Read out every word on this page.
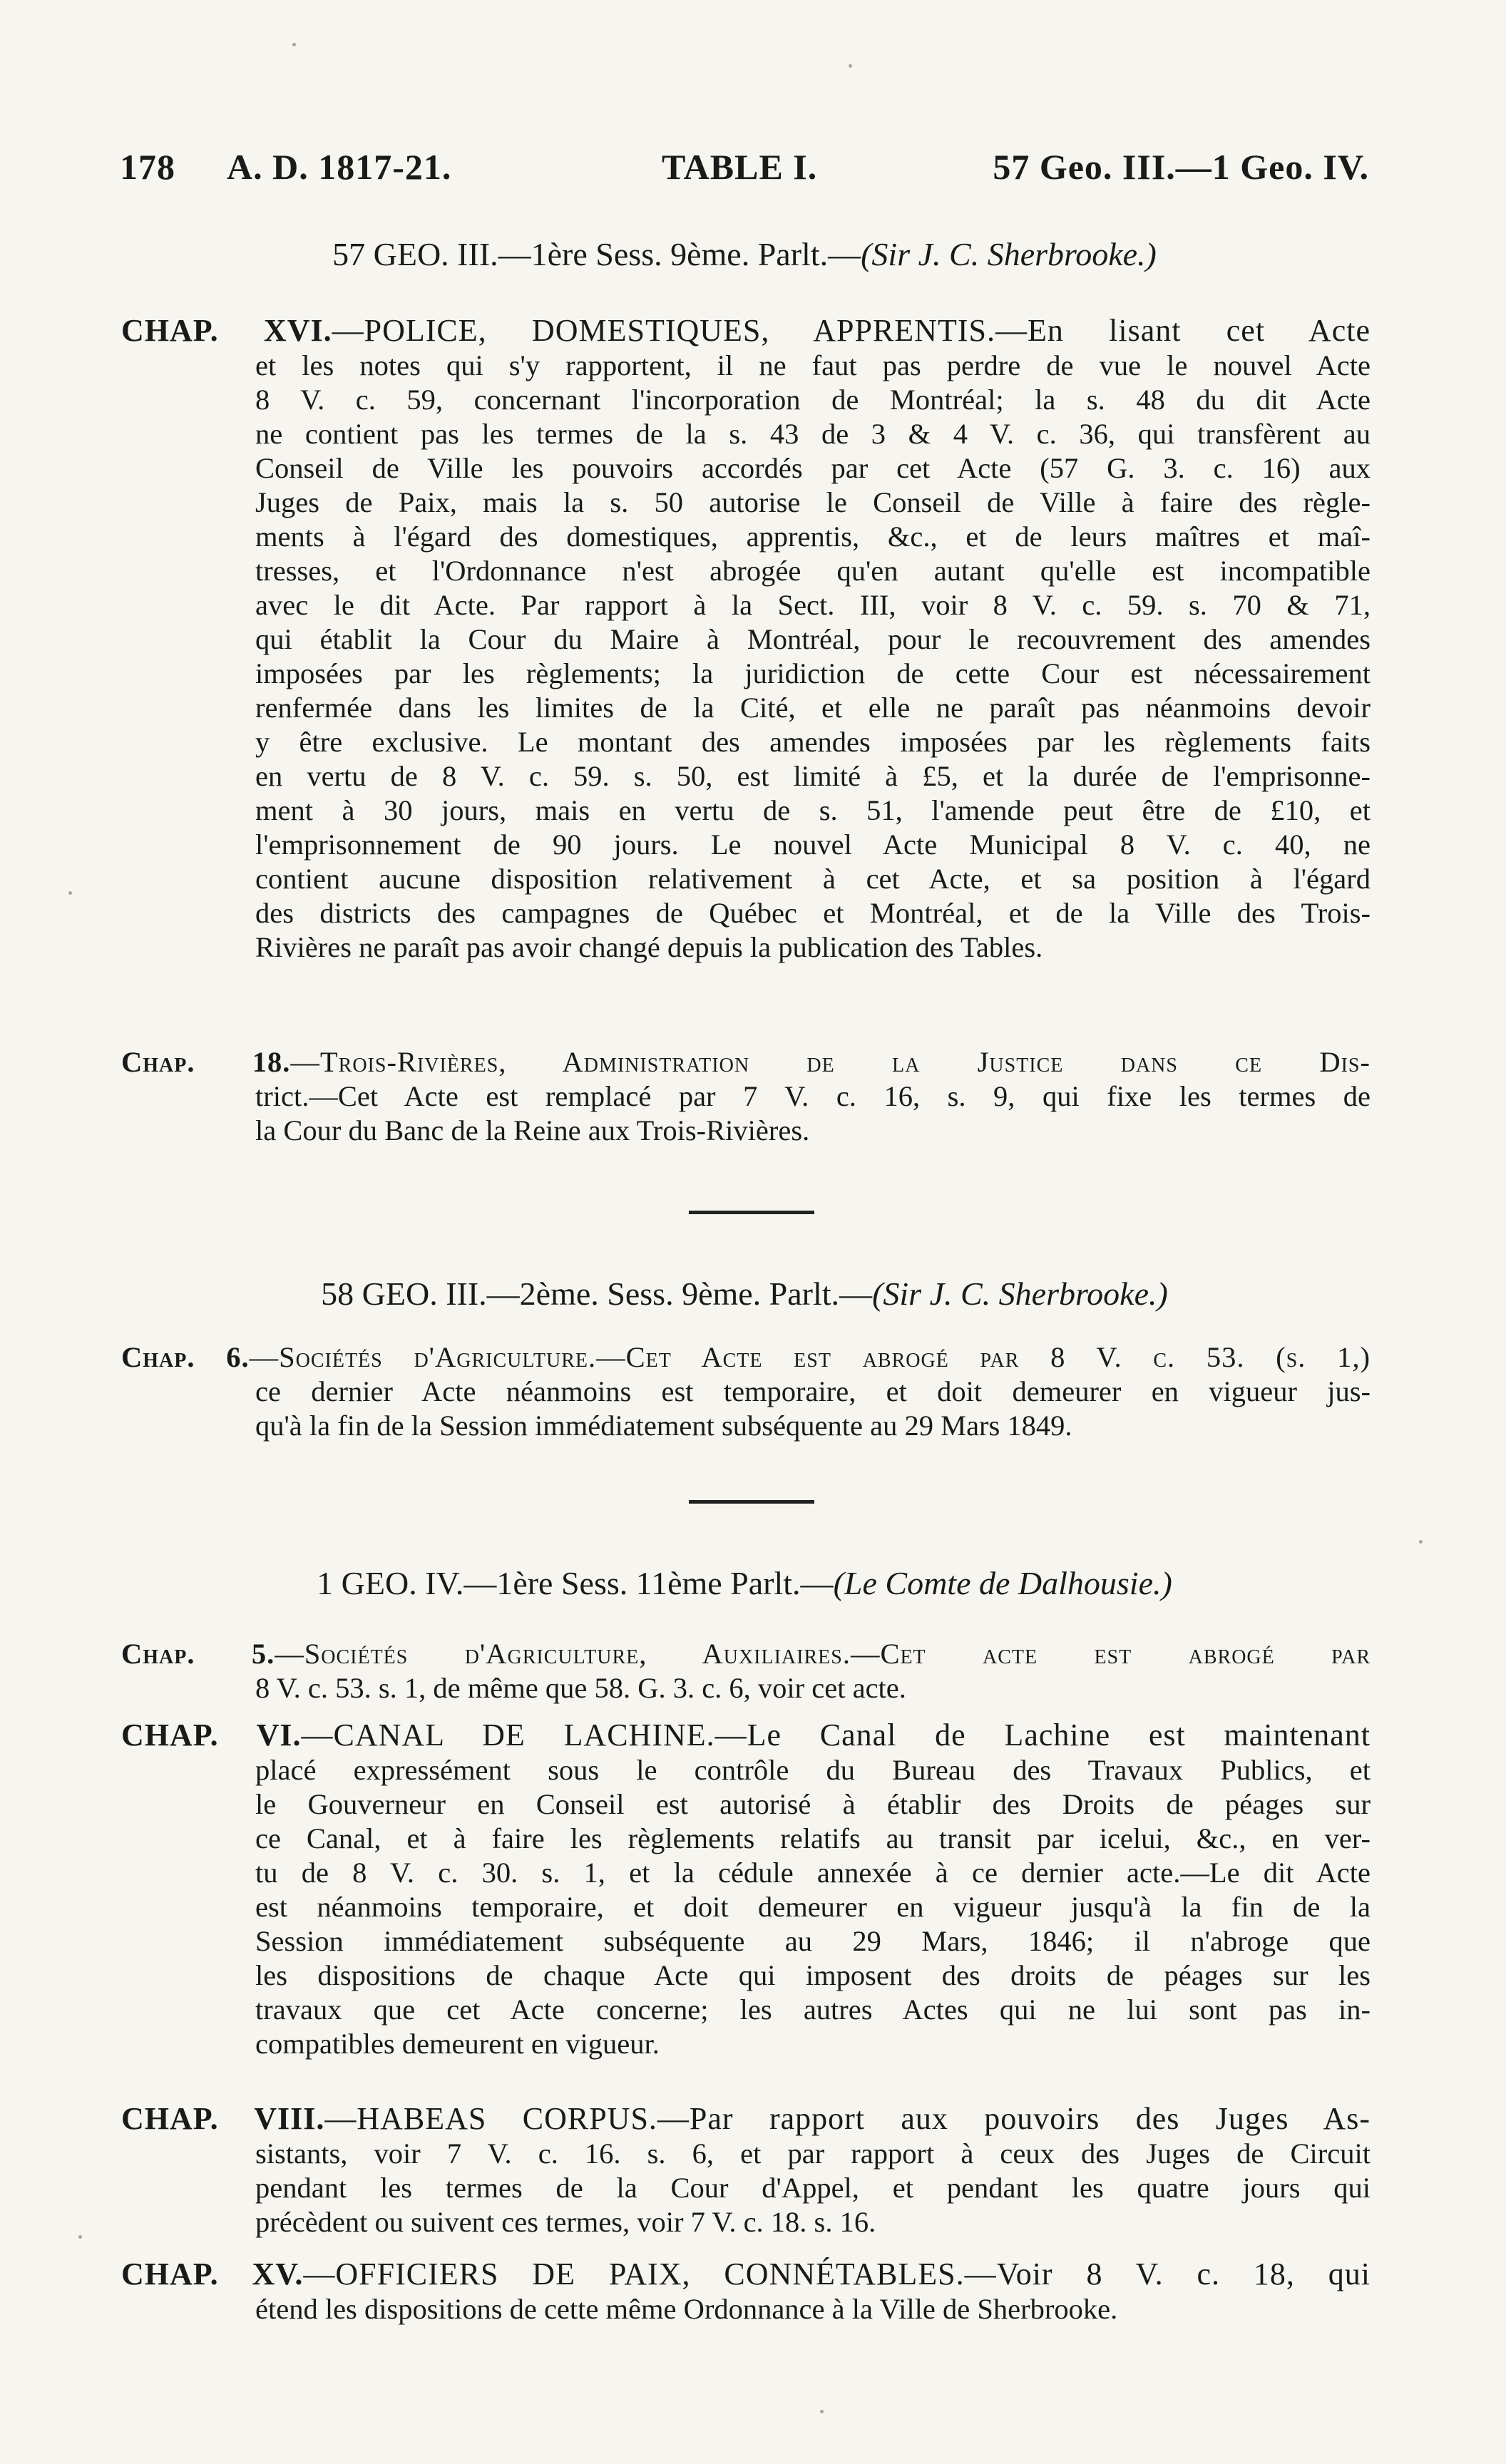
178 A. D. 1817-21.	TABLE I.	57 Geo. III.—1 Geo. IV.
57 GEO. III.—1ère Sess. 9ème. Parlt.—(Sir J. C. Sherbrooke.)
CHAP. XVI.—POLICE, DOMESTIQUES, APPRENTIS.—En lisant cet Acte
et les notes qui s'y rapportent, il ne faut pas perdre de vue le nouvel Acte
8 V. c. 59, concernant l'incorporation de Montréal; la s. 48 du dit Acte
ne contient pas les termes de la s. 43 de 3 & 4 V. c. 36, qui transfèrent au
Conseil de Ville les pouvoirs accordés par cet Acte (57 G. 3. c. 16) aux
Juges de Paix, mais la s. 50 autorise le Conseil de Ville à faire des règle-
ments à l'égard des domestiques, apprentis, &c., et de leurs maîtres et maî-
tresses, et l'Ordonnance n'est abrogée qu'en autant qu'elle est incompatible
avec le dit Acte. Par rapport à la Sect. III, voir 8 V. c. 59. s. 70 & 71,
qui établit la Cour du Maire à Montréal, pour le recouvrement des amendes
imposées par les règlements; la juridiction de cette Cour est nécessairement
renfermée dans les limites de la Cité, et elle ne paraît pas néanmoins devoir
y être exclusive. Le montant des amendes imposées par les règlements faits
en vertu de 8 V. c. 59. s. 50, est limité à £5, et la durée de l'emprisonne-
ment à 30 jours, mais en vertu de s. 51, l'amende peut être de £10, et
l'emprisonnement de 90 jours. Le nouvel Acte Municipal 8 V. c. 40, ne
contient aucune disposition relativement à cet Acte, et sa position à l'égard
des districts des campagnes de Québec et Montréal, et de la Ville des Trois-
Rivières ne paraît pas avoir changé depuis la publication des Tables.
Chap. 18.—Trois-Rivières, Administration de la Justice dans ce Dis-
trict.—Cet Acte est remplacé par 7 V. c. 16, s. 9, qui fixe les termes de
la Cour du Banc de la Reine aux Trois-Rivières.
58 GEO. III.—2ème. Sess. 9ème. Parlt.—(Sir J. C. Sherbrooke.)
Chap. 6.—Sociétés d'Agriculture.—Cet Acte est abrogé par 8 V. c. 53. (s. 1,)
ce dernier Acte néanmoins est temporaire, et doit demeurer en vigueur jus-
qu'à la fin de la Session immédiatement subséquente au 29 Mars 1849.
1 GEO. IV.—1ère Sess. 11ème Parlt.—(Le Comte de Dalhousie.)
Chap. 5.—Sociétés d'Agriculture, Auxiliaires.—Cet acte est abrogé par
8 V. c. 53. s. 1, de même que 58. G. 3. c. 6, voir cet acte.
CHAP. VI.—CANAL DE LACHINE.—Le Canal de Lachine est maintenant
placé expressément sous le contrôle du Bureau des Travaux Publics, et
le Gouverneur en Conseil est autorisé à établir des Droits de péages sur
ce Canal, et à faire les règlements relatifs au transit par icelui, &c., en ver-
tu de 8 V. c. 30. s. 1, et la cédule annexée à ce dernier acte.—Le dit Acte
est néanmoins temporaire, et doit demeurer en vigueur jusqu'à la fin de la
Session immédiatement subséquente au 29 Mars, 1846; il n'abroge que
les dispositions de chaque Acte qui imposent des droits de péages sur les
travaux que cet Acte concerne; les autres Actes qui ne lui sont pas in-
compatibles demeurent en vigueur.
CHAP. VIII.—HABEAS CORPUS.—Par rapport aux pouvoirs des Juges As-
sistants, voir 7 V. c. 16. s. 6, et par rapport à ceux des Juges de Circuit
pendant les termes de la Cour d'Appel, et pendant les quatre jours qui
précèdent ou suivent ces termes, voir 7 V. c. 18. s. 16.
CHAP. XV.—OFFICIERS DE PAIX, CONNÉTABLES.—Voir 8 V. c. 18, qui
étend les dispositions de cette même Ordonnance à la Ville de Sherbrooke.
